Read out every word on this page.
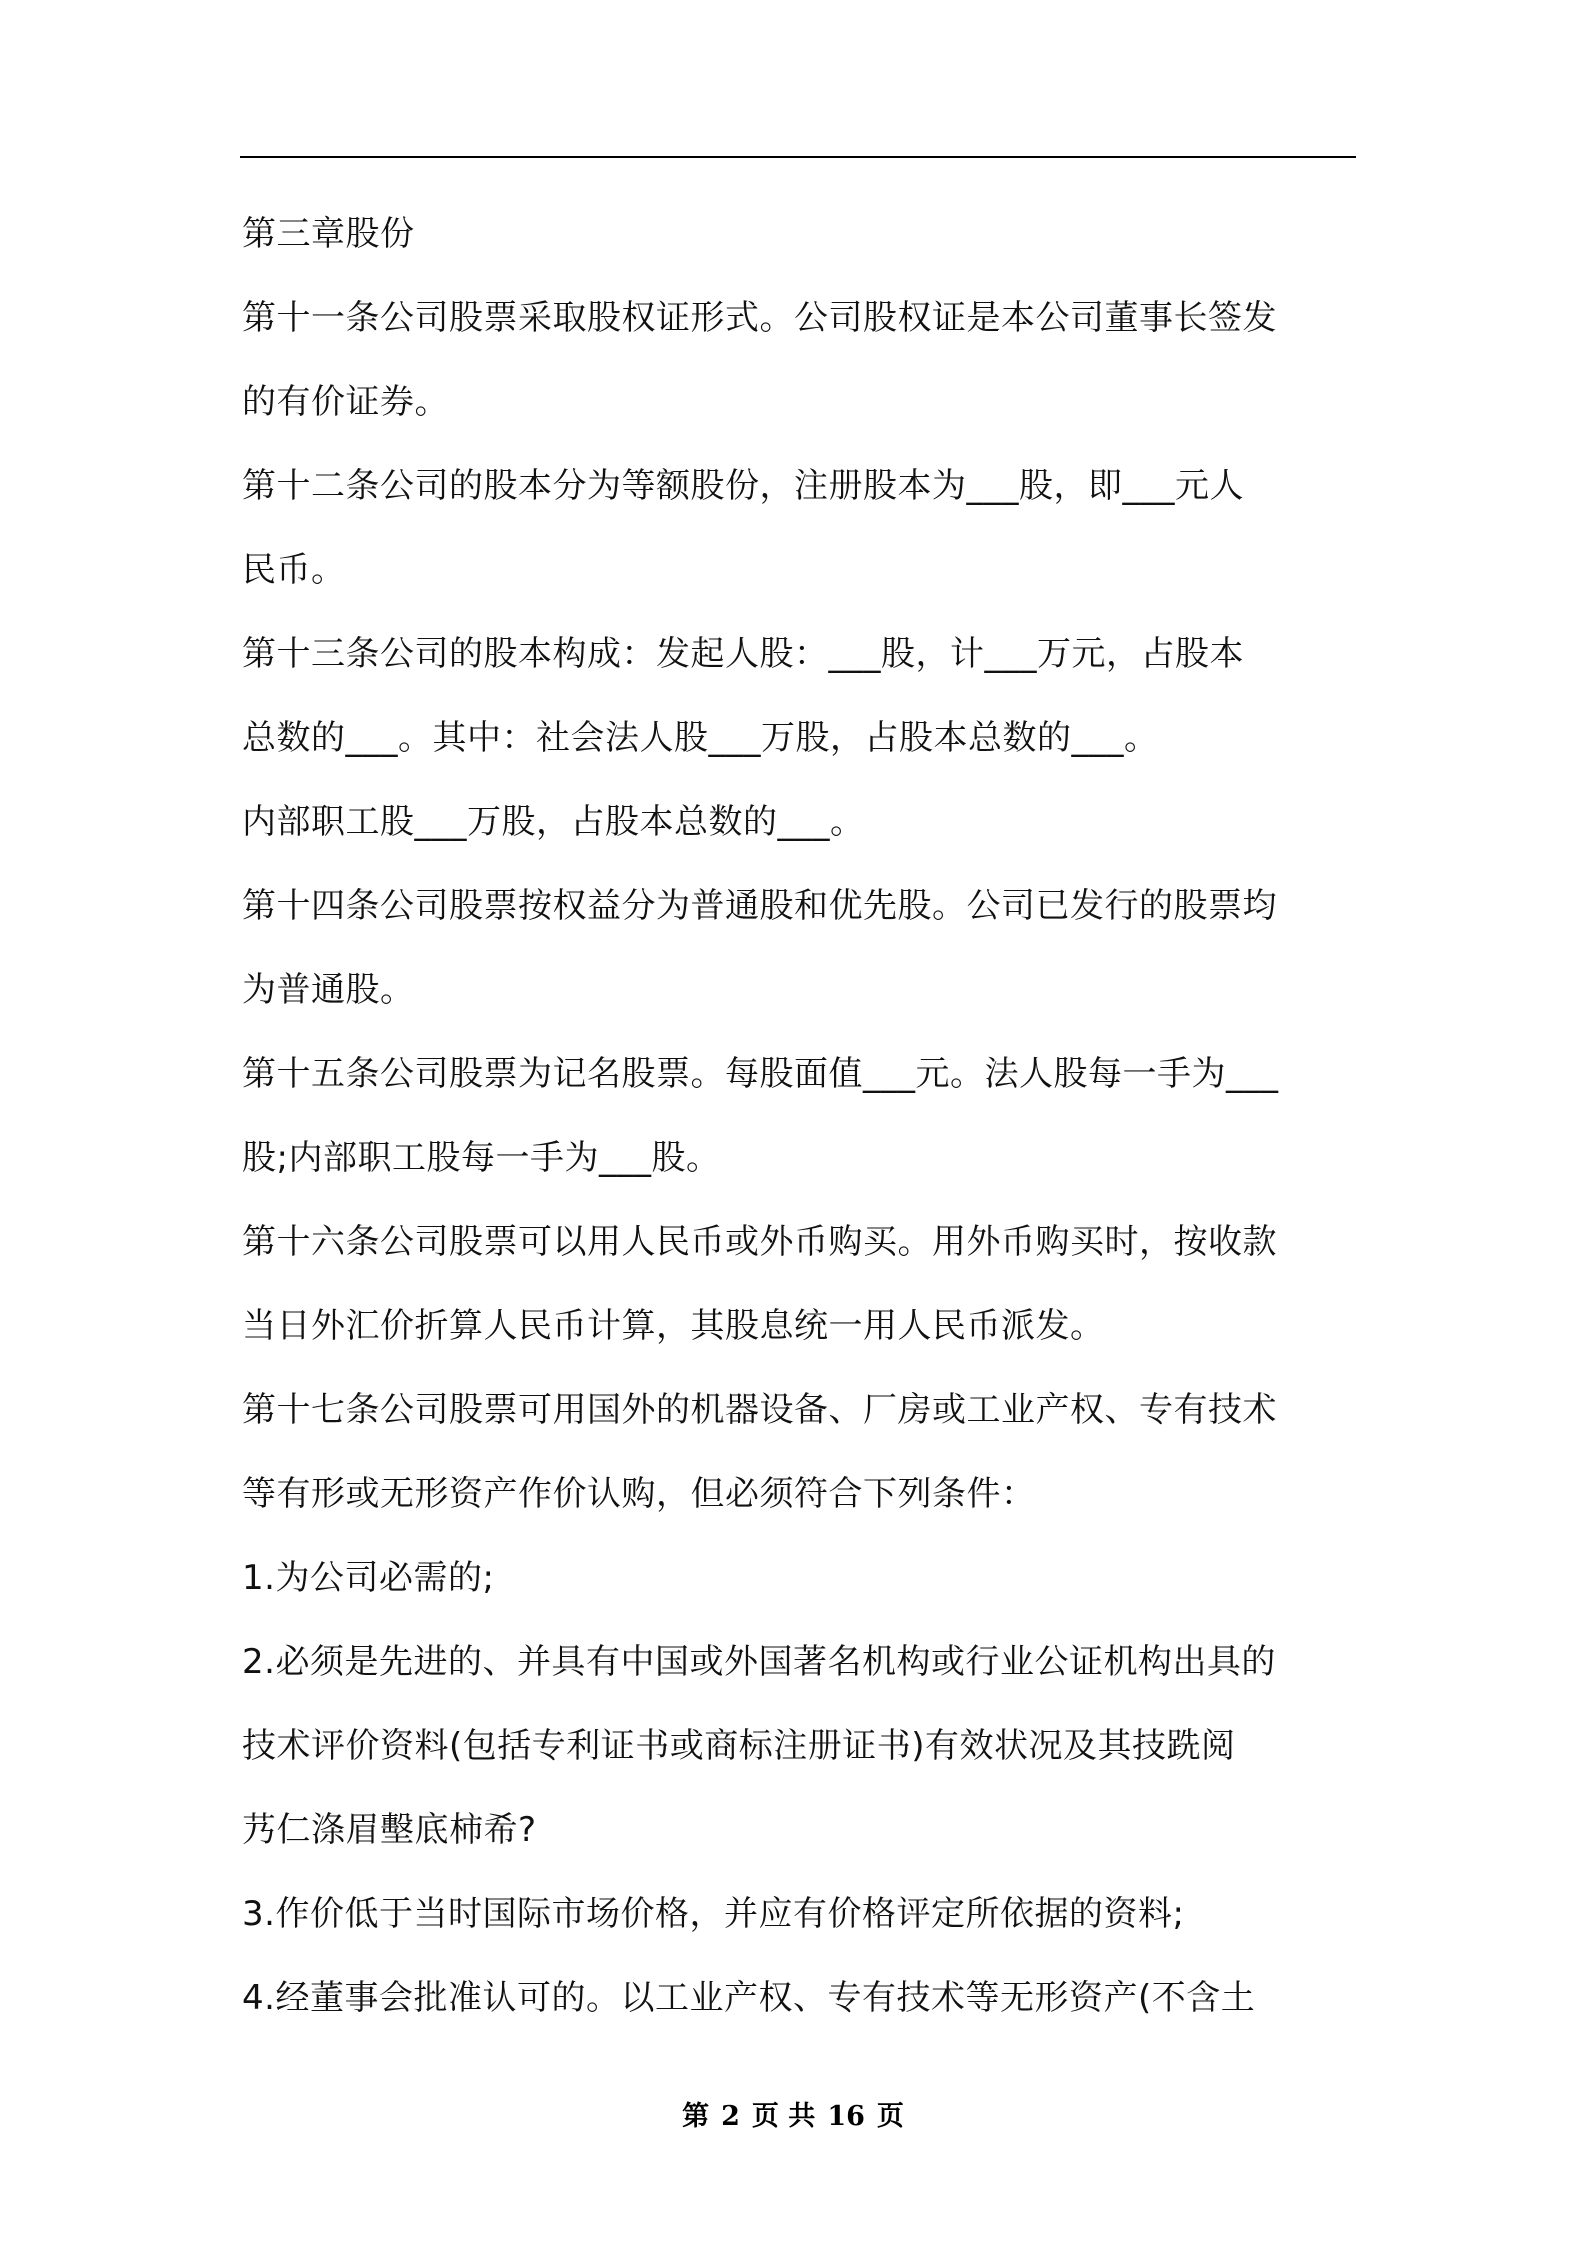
第三章股份
第十一条公司股票采取股权证形式。公司股权证是本公司董事长签发
的有价证券。
第十二条公司的股本分为等额股份，注册股本为___股，即___元人
民币。
第十三条公司的股本构成：发起人股：___股，计___万元，占股本
总数的___。其中：社会法人股___万股，占股本总数的___。
内部职工股___万股，占股本总数的___。
第十四条公司股票按权益分为普通股和优先股。公司已发行的股票均
为普通股。
第十五条公司股票为记名股票。每股面值___元。法人股每一手为___
股;内部职工股每一手为___股。
第十六条公司股票可以用人民币或外币购买。用外币购买时，按收款
当日外汇价折算人民币计算，其股息统一用人民币派发。
第十七条公司股票可用国外的机器设备、厂房或工业产权、专有技术
等有形或无形资产作价认购，但必须符合下列条件：
1.为公司必需的;
2.必须是先进的、并具有中国或外国著名机构或行业公证机构出具的
技术评价资料(包括专利证书或商标注册证书)有效状况及其技跣阅
艿仁涤眉墼底柿希?
3.作价低于当时国际市场价格，并应有价格评定所依据的资料;
4.经董事会批准认可的。以工业产权、专有技术等无形资产(不含土
第 2 页 共 16 页
